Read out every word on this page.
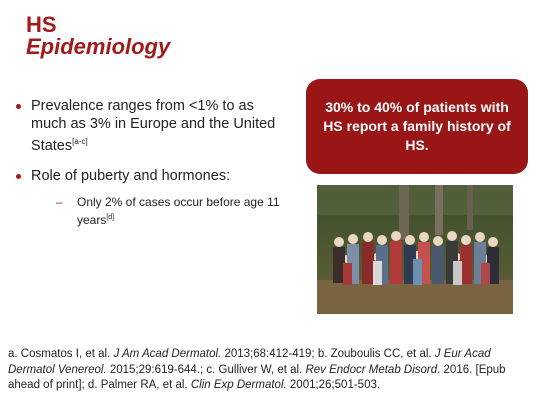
HS
Epidemiology
Prevalence ranges from <1% to as much as 3% in Europe and the United States[a-c]
Role of puberty and hormones:
– Only 2% of cases occur before age 11 years[d]
30% to 40% of patients with HS report a family history of HS.
a. Cosmatos I, et al. J Am Acad Dermatol. 2013;68:412-419; b. Zouboulis CC, et al. J Eur Acad Dermatol Venereol. 2015;29:619-644.; c. Gulliver W, et al. Rev Endocr Metab Disord. 2016. [Epub ahead of print]; d. Palmer RA, et al. Clin Exp Dermatol. 2001;26;501-503.
